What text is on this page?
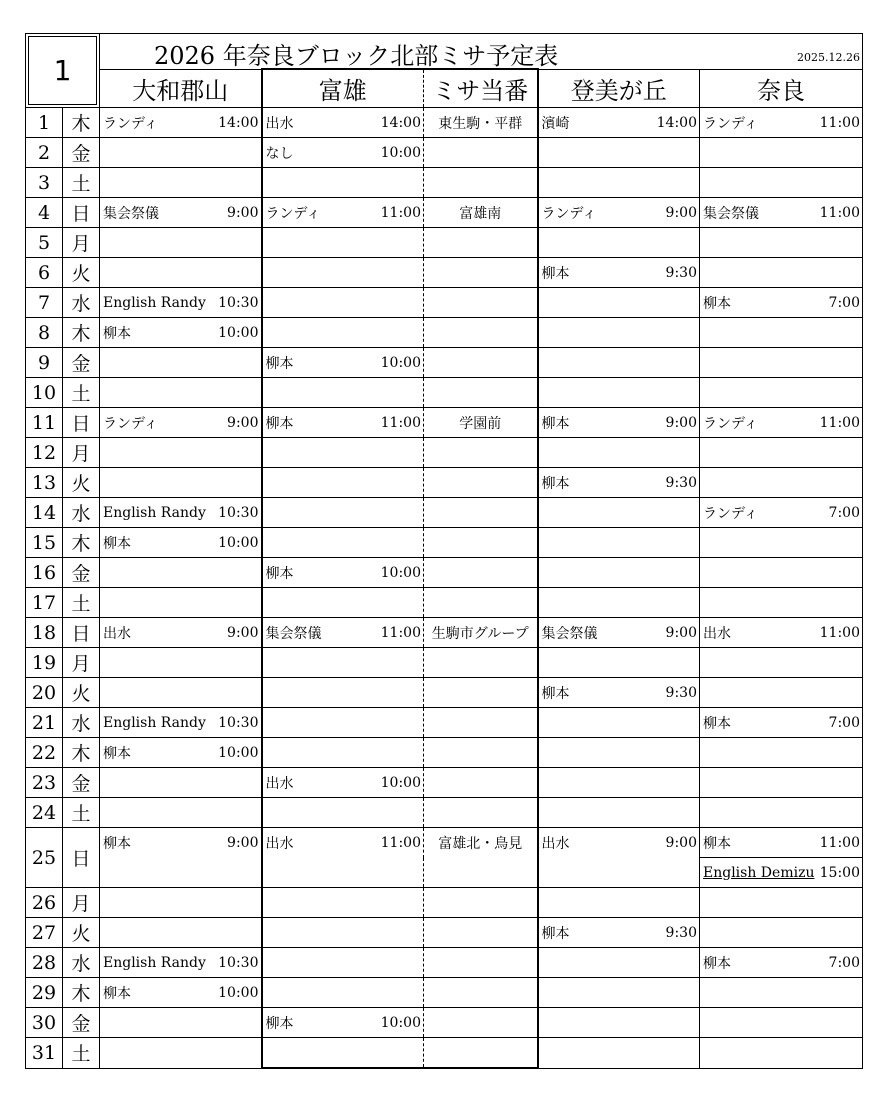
1		2026 年奈良ブロック北部ミサ予定表 2025.12.26								

		大和郡山		富雄		ミサ当番	登美が丘		奈良	
1	木	ランディ	14:00	出水	14:00	東生駒・平群	濱崎	14:00	ランディ	11:00
2	金			なし	10:00					
3	土									
4	日	集会祭儀	9:00	ランディ	11:00	富雄南	ランディ	9:00	集会祭儀	11:00
5	月									
6	火						柳本	9:30		
7	水	English Randy	10:30						柳本	7:00
8	木	柳本	10:00							
9	金			柳本	10:00					
10	土									
11	日	ランディ	9:00	柳本	11:00	学園前	柳本	9:00	ランディ	11:00
12	月									
13	火						柳本	9:30		
14	水	English Randy	10:30						ランディ	7:00
15	木	柳本	10:00							
16	金			柳本	10:00					
17	土									
18	日	出水	9:00	集会祭儀	11:00	生駒市グループ	集会祭儀	9:00	出水	11:00
19	月									
20	火						柳本	9:30		
21	水	English Randy	10:30						柳本	7:00
22	木	柳本	10:00							
23	金			出水	10:00					
24	土									
25	日	柳本	9:00	出水	11:00	富雄北・鳥見	出水	9:00	柳本	11:00
									English Demizu	15:00
26	月									
27	火						柳本	9:30		
28	水	English Randy	10:30						柳本	7:00
29	木	柳本	10:00							
30	金			柳本	10:00					
31	土									
